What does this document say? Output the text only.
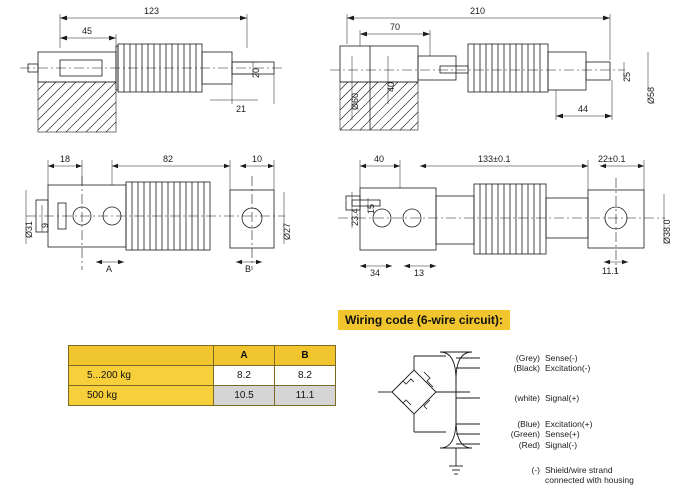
123
45
20
21
210
70
40
44
25
Ø60	Ø58
18	82	10
Ø31 9	Ø27
A	B
40	133±0.1	22±0.1
23.4 15
34	13
Ø38.0
11.1
	A	B
5...200 kg	8.2	8.2
500 kg	10.5	11.1
Wiring code (6-wire circuit):
(Grey) Sense(-)
(Black) Excitation(-)
(white) Signal(+)
(Blue) Excitation(+)
(Green) Sense(+)
(Red) Signal(-)
(-) Shield/wire strand
connected with housing
